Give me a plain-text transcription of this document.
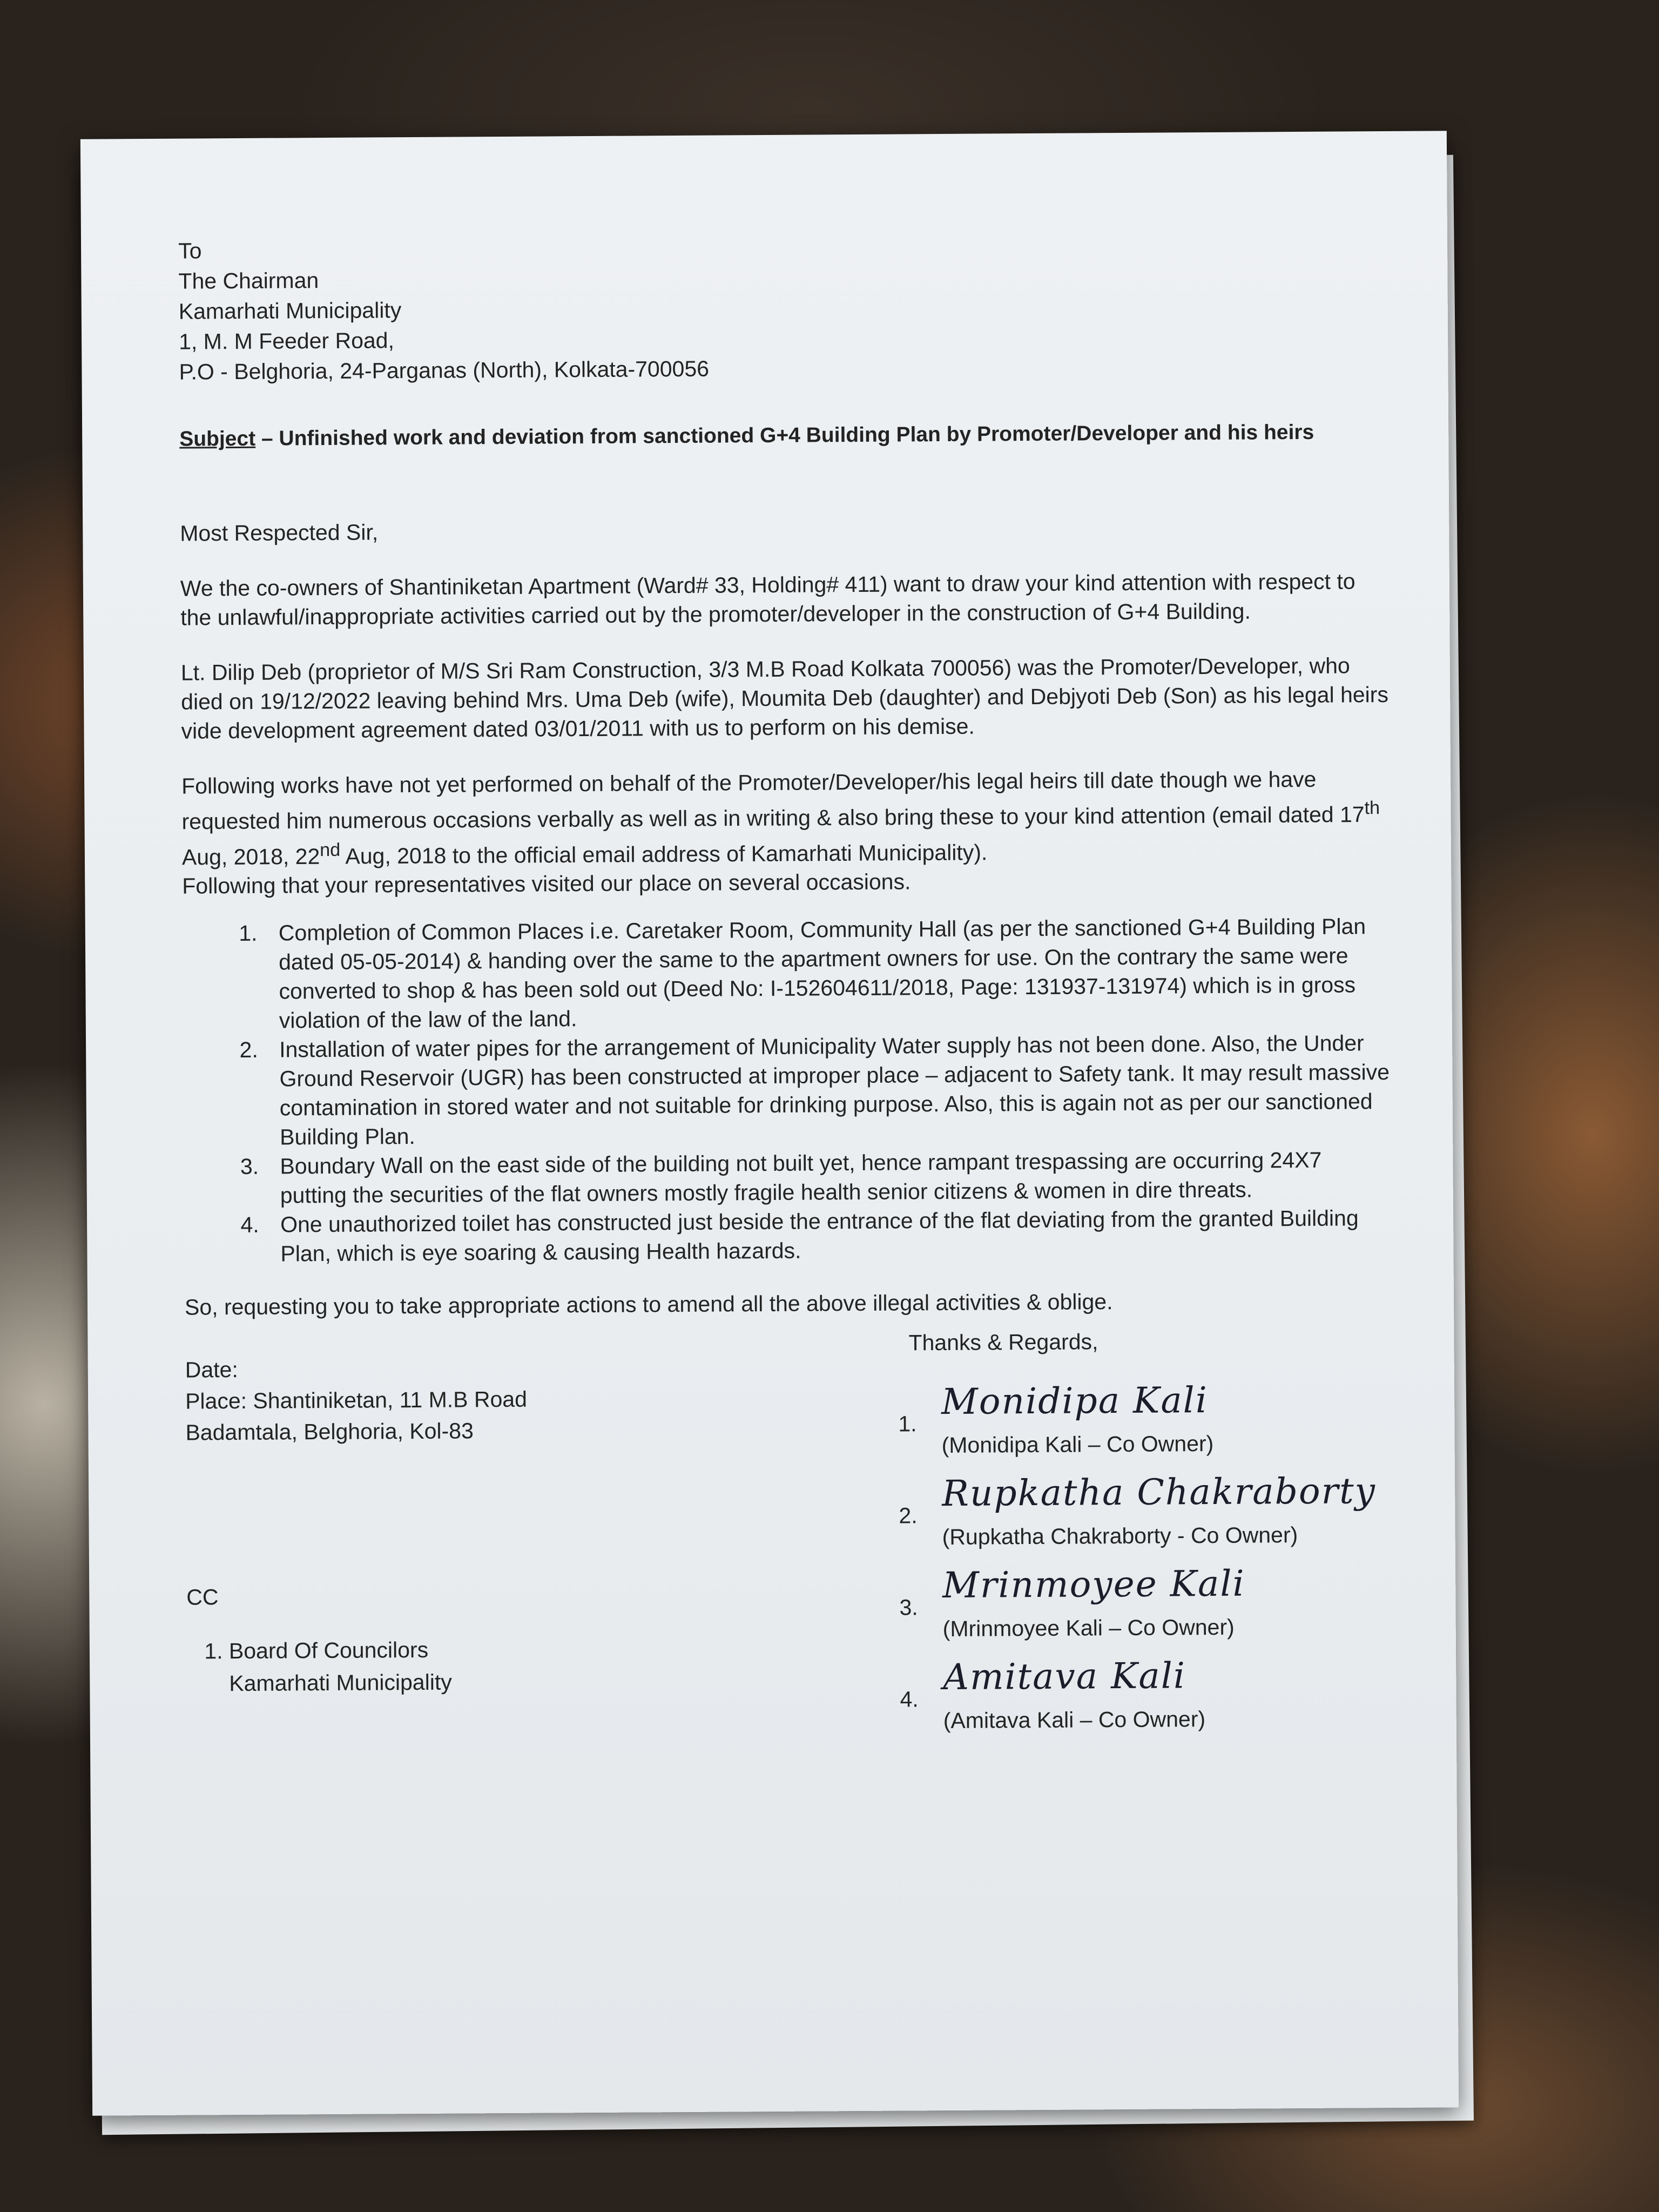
To
The Chairman
Kamarhati Municipality
1, M. M Feeder Road,
P.O - Belghoria, 24-Parganas (North), Kolkata-700056
Subject – Unfinished work and deviation from sanctioned G+4 Building Plan by Promoter/Developer and his heirs
Most Respected Sir,

We the co-owners of Shantiniketan Apartment (Ward# 33, Holding# 411) want to draw your kind attention with respect to the unlawful/inappropriate activities carried out by the promoter/developer in the construction of G+4 Building.

Lt. Dilip Deb (proprietor of M/S Sri Ram Construction, 3/3 M.B Road Kolkata 700056) was the Promoter/Developer, who died on 19/12/2022 leaving behind Mrs. Uma Deb (wife), Moumita Deb (daughter) and Debjyoti Deb (Son) as his legal heirs vide development agreement dated 03/01/2011 with us to perform on his demise.

Following works have not yet performed on behalf of the Promoter/Developer/his legal heirs till date though we have requested him numerous occasions verbally as well as in writing & also bring these to your kind attention (email dated 17th Aug, 2018, 22nd Aug, 2018 to the official email address of Kamarhati Municipality).
Following that your representatives visited our place on several occasions.

1. Completion of Common Places i.e. Caretaker Room, Community Hall (as per the sanctioned G+4 Building Plan dated 05-05-2014) & handing over the same to the apartment owners for use. On the contrary the same were converted to shop & has been sold out (Deed No: I-152604611/2018, Page: 131937-131974) which is in gross violation of the law of the land.
2. Installation of water pipes for the arrangement of Municipality Water supply has not been done. Also, the Under Ground Reservoir (UGR) has been constructed at improper place – adjacent to Safety tank. It may result massive contamination in stored water and not suitable for drinking purpose. Also, this is again not as per our sanctioned Building Plan.
3. Boundary Wall on the east side of the building not built yet, hence rampant trespassing are occurring 24X7 putting the securities of the flat owners mostly fragile health senior citizens & women in dire threats.
4. One unauthorized toilet has constructed just beside the entrance of the flat deviating from the granted Building Plan, which is eye soaring & causing Health hazards.
So, requesting you to take appropriate actions to amend all the above illegal activities & oblige.
Date:
Place: Shantiniketan, 11 M.B Road
Badamtala, Belghoria, Kol-83
CC
1. Board Of Councilors
Kamarhati Municipality
Thanks & Regards,
1.
Monidipa Kali
(Monidipa Kali – Co Owner)
2.
Rupkatha Chakraborty
(Rupkatha Chakraborty - Co Owner)
3.
Mrinmoyee Kali
(Mrinmoyee Kali – Co Owner)
4.
Amitava Kali
(Amitava Kali – Co Owner)
